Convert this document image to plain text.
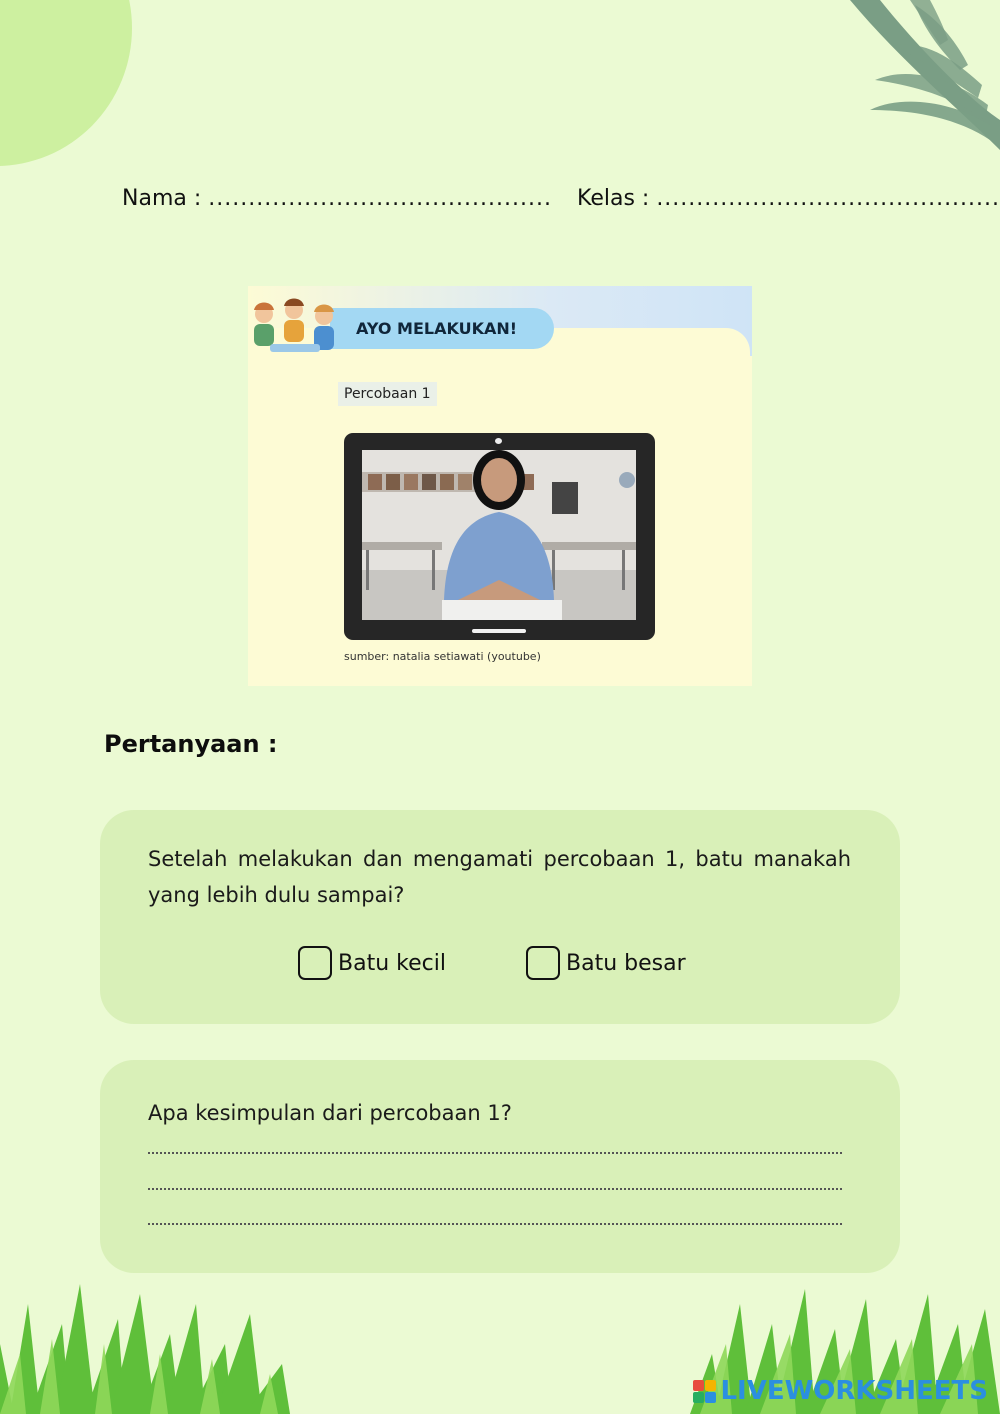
Nama : ........................................... Kelas : ...........................................
AYO MELAKUKAN!
Percobaan 1
sumber: natalia setiawati (youtube)
Pertanyaan :
Setelah melakukan dan mengamati percobaan 1, batu manakah yang lebih dulu sampai?
Batu kecil	Batu besar
Apa kesimpulan dari percobaan 1?
LIVEWORKSHEETS
